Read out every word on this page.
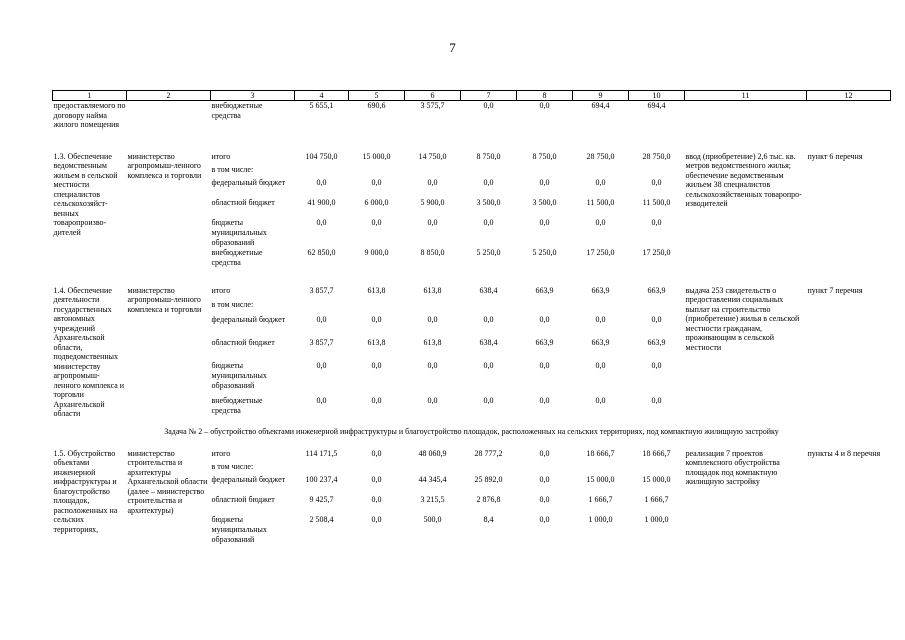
7
1	2	3	4	5	6	7	8	9	10	11	12
предоставляемого по договору найма жилого помещения		внебюджетные средства	5 655,1	690,6	3 575,7	0,0	0,0	694,4	694,4		

1.3. Обеспечение ведомственным жильем в сельской местности специалистов сельскохозяйст-венных товаропроизво-дителей	министерство агропромыш-ленного комплекса и торговли	итого	104 750,0	15 000,0	14 750,0	8 750,0	8 750,0	28 750,0	28 750,0	ввод (приобретение) 2,6 тыс. кв. метров ведомственного жилья; обеспечение ведомственным жильем 38 специалистов сельскохозяйственных товаропро-изводителей	пункт 6 перечня
		в том числе:									
		федеральный бюджет	0,0	0,0	0,0	0,0	0,0	0,0	0,0		
		областной бюджет	41 900,0	6 000,0	5 900,0	3 500,0	3 500,0	11 500,0	11 500,0		
		бюджеты муниципальных образований	0,0	0,0	0,0	0,0	0,0	0,0	0,0		
		внебюджетные средства	62 850,0	9 000,0	8 850,0	5 250,0	5 250,0	17 250,0	17 250,0		

1.4. Обеспечение деятельности государственных автономных учреждений Архангельской области, подведомственных министерству агропромыш-ленного комплекса и торговли Архангельской области	министерство агропромыш-ленного комплекса и торговли	итого	3 857,7	613,8	613,8	638,4	663,9	663,9	663,9	выдача 253 свидетельств о предоставлении социальных выплат на строительство (приобретение) жилья в сельской местности гражданам, проживающим в сельской местности	пункт 7 перечня
		в том числе:									
		федеральный бюджет	0,0	0,0	0,0	0,0	0,0	0,0	0,0		
		областной бюджет	3 857,7	613,8	613,8	638,4	663,9	663,9	663,9		
		бюджеты муниципальных образований	0,0	0,0	0,0	0,0	0,0	0,0	0,0		
		внебюджетные средства	0,0	0,0	0,0	0,0	0,0	0,0	0,0		
Задача № 2 – обустройство объектами инженерной инфраструктуры и благоустройство площадок, расположенных на сельских территориях, под компактную жилищную застройку											
1.5. Обустройство объектами инженерной инфраструктуры и благоустройство площадок, расположенных на сельских территориях,	министерство строительства и архитектуры Архангельской области (далее – министерство строительства и архитектуры)	итого	114 171,5	0,0	48 060,9	28 777,2	0,0	18 666,7	18 666,7	реализация 7 проектов комплексного обустройства площадок под компактную жилищную застройку	пункты 4 и 8 перечня
		в том числе:									
		федеральный бюджет	100 237,4	0,0	44 345,4	25 892,0	0,0	15 000,0	15 000,0		
		областной бюджет	9 425,7	0,0	3 215,5	2 876,8	0,0	1 666,7	1 666,7		
		бюджеты муниципальных образований	2 508,4	0,0	500,0	8,4	0,0	1 000,0	1 000,0		
